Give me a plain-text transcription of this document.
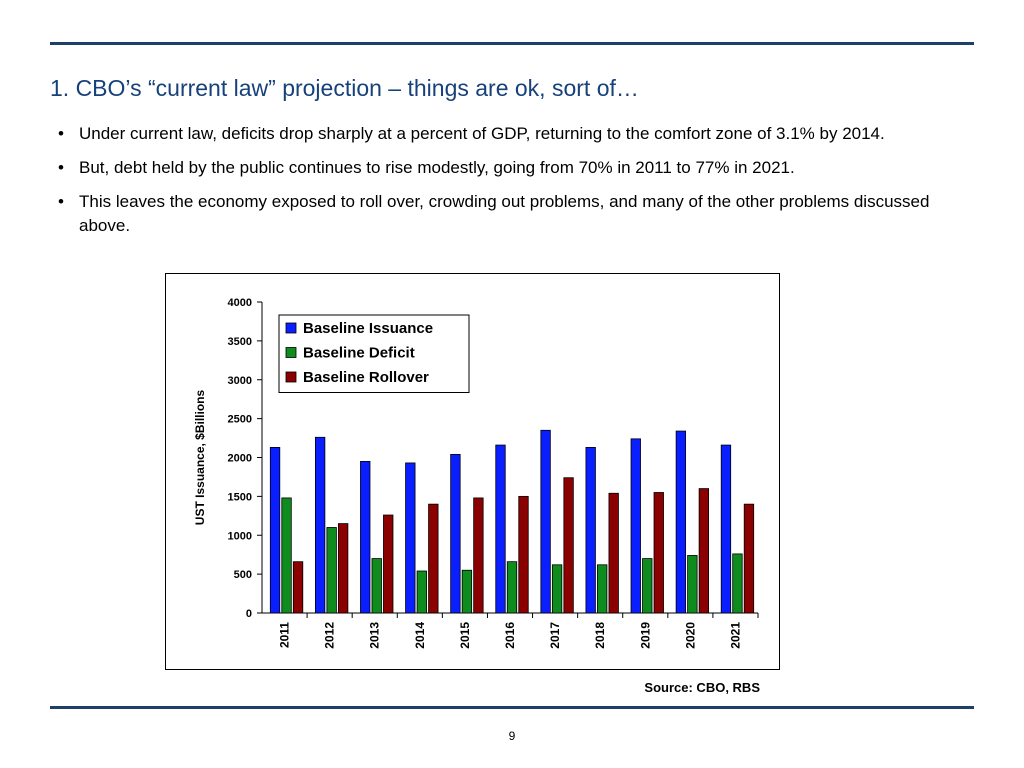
1. CBO’s “current law” projection – things are ok, sort of…
• Under current law, deficits drop sharply at a percent of GDP, returning to the comfort zone of 3.1% by 2014.
• But, debt held by the public continues to rise modestly, going from 70% in 2011 to 77% in 2021.
• This leaves the economy exposed to roll over, crowding out problems, and many of the other problems discussed above.
0
500
1000
1500
2000
2500
3000
3500
4000
UST Issuance, $Billions
2011	2012	2013	2014	2015	2016	2017	2018	2019	2020	2021
Baseline Issuance
Baseline Deficit
Baseline Rollover
Source: CBO, RBS
9
